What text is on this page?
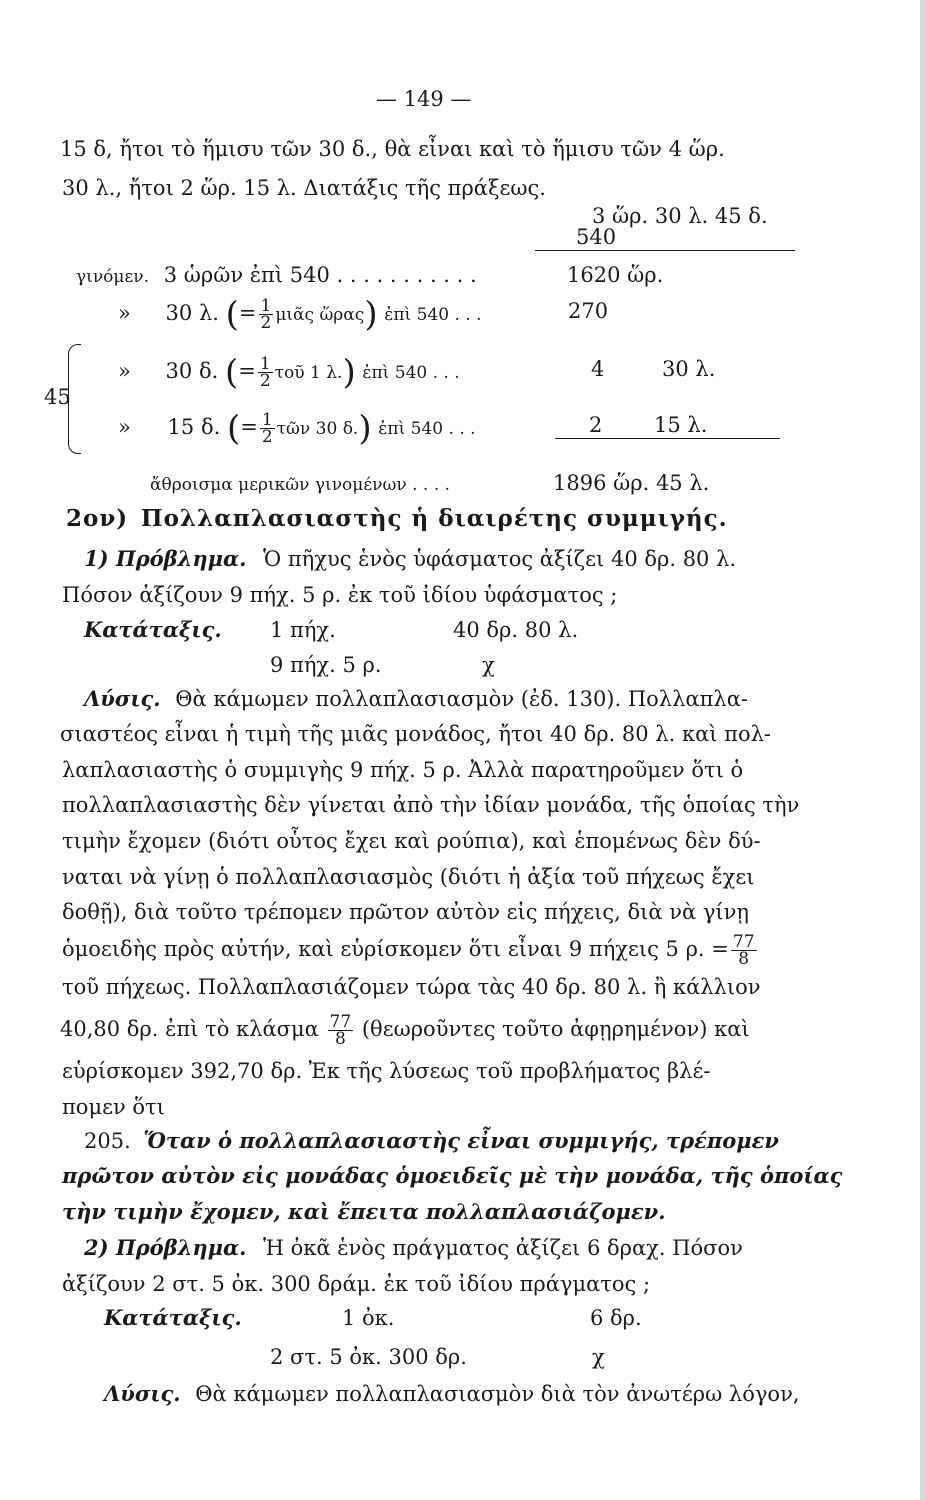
— 149 —
15 δ, ἤτοι τὸ ἥμισυ τῶν 30 δ., θὰ εἶναι καὶ τὸ ἥμισυ τῶν 4 ὥρ.
30 λ., ἤτοι 2 ὥρ. 15 λ. Διατάξις τῆς πράξεως.
3 ὥρ. 30 λ. 45 δ.
540
γινόμεν. 3 ὡρῶν ἐπὶ 540 . . . . . . . . . . .	1620 ὥρ.
» 30 λ. (= $\frac{1}{2}$ μιᾶς ὥρας) ἐπὶ 540 . . .	270
45
» 30 δ. (= $\frac{1}{2}$ τοῦ 1 λ.) ἐπὶ 540 . . .	4	30 λ.
» 15 δ. (= $\frac{1}{2}$ τῶν 30 δ.) ἐπὶ 540 . . .	2 15 λ.
ἄθροισμα μερικῶν γινομένων . . . .	1896 ὥρ. 45 λ.
2ον) Πολλαπλασιαστὴς ἡ διαιρέτης συμμιγής.
1) Πρόβλημα. Ὁ πῆχυς ἑνὸς ὑφάσματος ἀξίζει 40 δρ. 80 λ.
Πόσον ἀξίζουν 9 πήχ. 5 ρ. ἐκ τοῦ ἰδίου ὑφάσματος ;
Κατάταξις. 1 πήχ.	40 δρ. 80 λ.
9 πήχ. 5 ρ.	χ
Λύσις. Θὰ κάμωμεν πολλαπλασιασμὸν (ἐδ. 130). Πολλαπλα-
σιαστέος εἶναι ἡ τιμὴ τῆς μιᾶς μονάδος, ἤτοι 40 δρ. 80 λ. καὶ πολ-
λαπλασιαστὴς ὁ συμμιγὴς 9 πήχ. 5 ρ. Ἀλλὰ παρατηροῦμεν ὅτι ὁ
πολλαπλασιαστὴς δὲν γίνεται ἀπὸ τὴν ἰδίαν μονάδα, τῆς ὁποίας τὴν
τιμὴν ἔχομεν (διότι οὗτος ἔχει καὶ ρούπια), καὶ ἑπομένως δὲν δύ-
ναται νὰ γίνῃ ὁ πολλαπλασιασμὸς (διότι ἡ ἀξία τοῦ πήχεως ἔχει
δοθῇ), διὰ τοῦτο τρέπομεν πρῶτον αὐτὸν εἰς πήχεις, διὰ νὰ γίνῃ
ὁμοειδὴς πρὸς αὐτήν, καὶ εὑρίσκομεν ὅτι εἶναι 9 πήχεις 5 ρ. = $\frac{77}{8}$
τοῦ πήχεως. Πολλαπλασιάζομεν τώρα τὰς 40 δρ. 80 λ. ἢ κάλλιον
40,80 δρ. ἐπὶ τὸ κλάσμα $\frac{77}{8}$ (θεωροῦντες τοῦτο ἀφῃρημένον) καὶ
εὑρίσκομεν 392,70 δρ. Ἐκ τῆς λύσεως τοῦ προβλήματος βλέ-
πομεν ὅτι
205. Ὅταν ὁ πολλαπλασιαστὴς εἶναι συμμιγής, τρέπομεν
πρῶτον αὐτὸν εἰς μονάδας ὁμοειδεῖς μὲ τὴν μονάδα, τῆς ὁποίας
τὴν τιμὴν ἔχομεν, καὶ ἔπειτα πολλαπλασιάζομεν.
2) Πρόβλημα. Ἡ ὀκᾶ ἑνὸς πράγματος ἀξίζει 6 δραχ. Πόσον
ἀξίζουν 2 στ. 5 ὀκ. 300 δράμ. ἐκ τοῦ ἰδίου πράγματος ;
Κατάταξις.	1 ὀκ.	6 δρ.
2 στ. 5 ὀκ. 300 δρ.	χ
Λύσις. Θὰ κάμωμεν πολλαπλασιασμὸν διὰ τὸν ἀνωτέρω λόγον,
